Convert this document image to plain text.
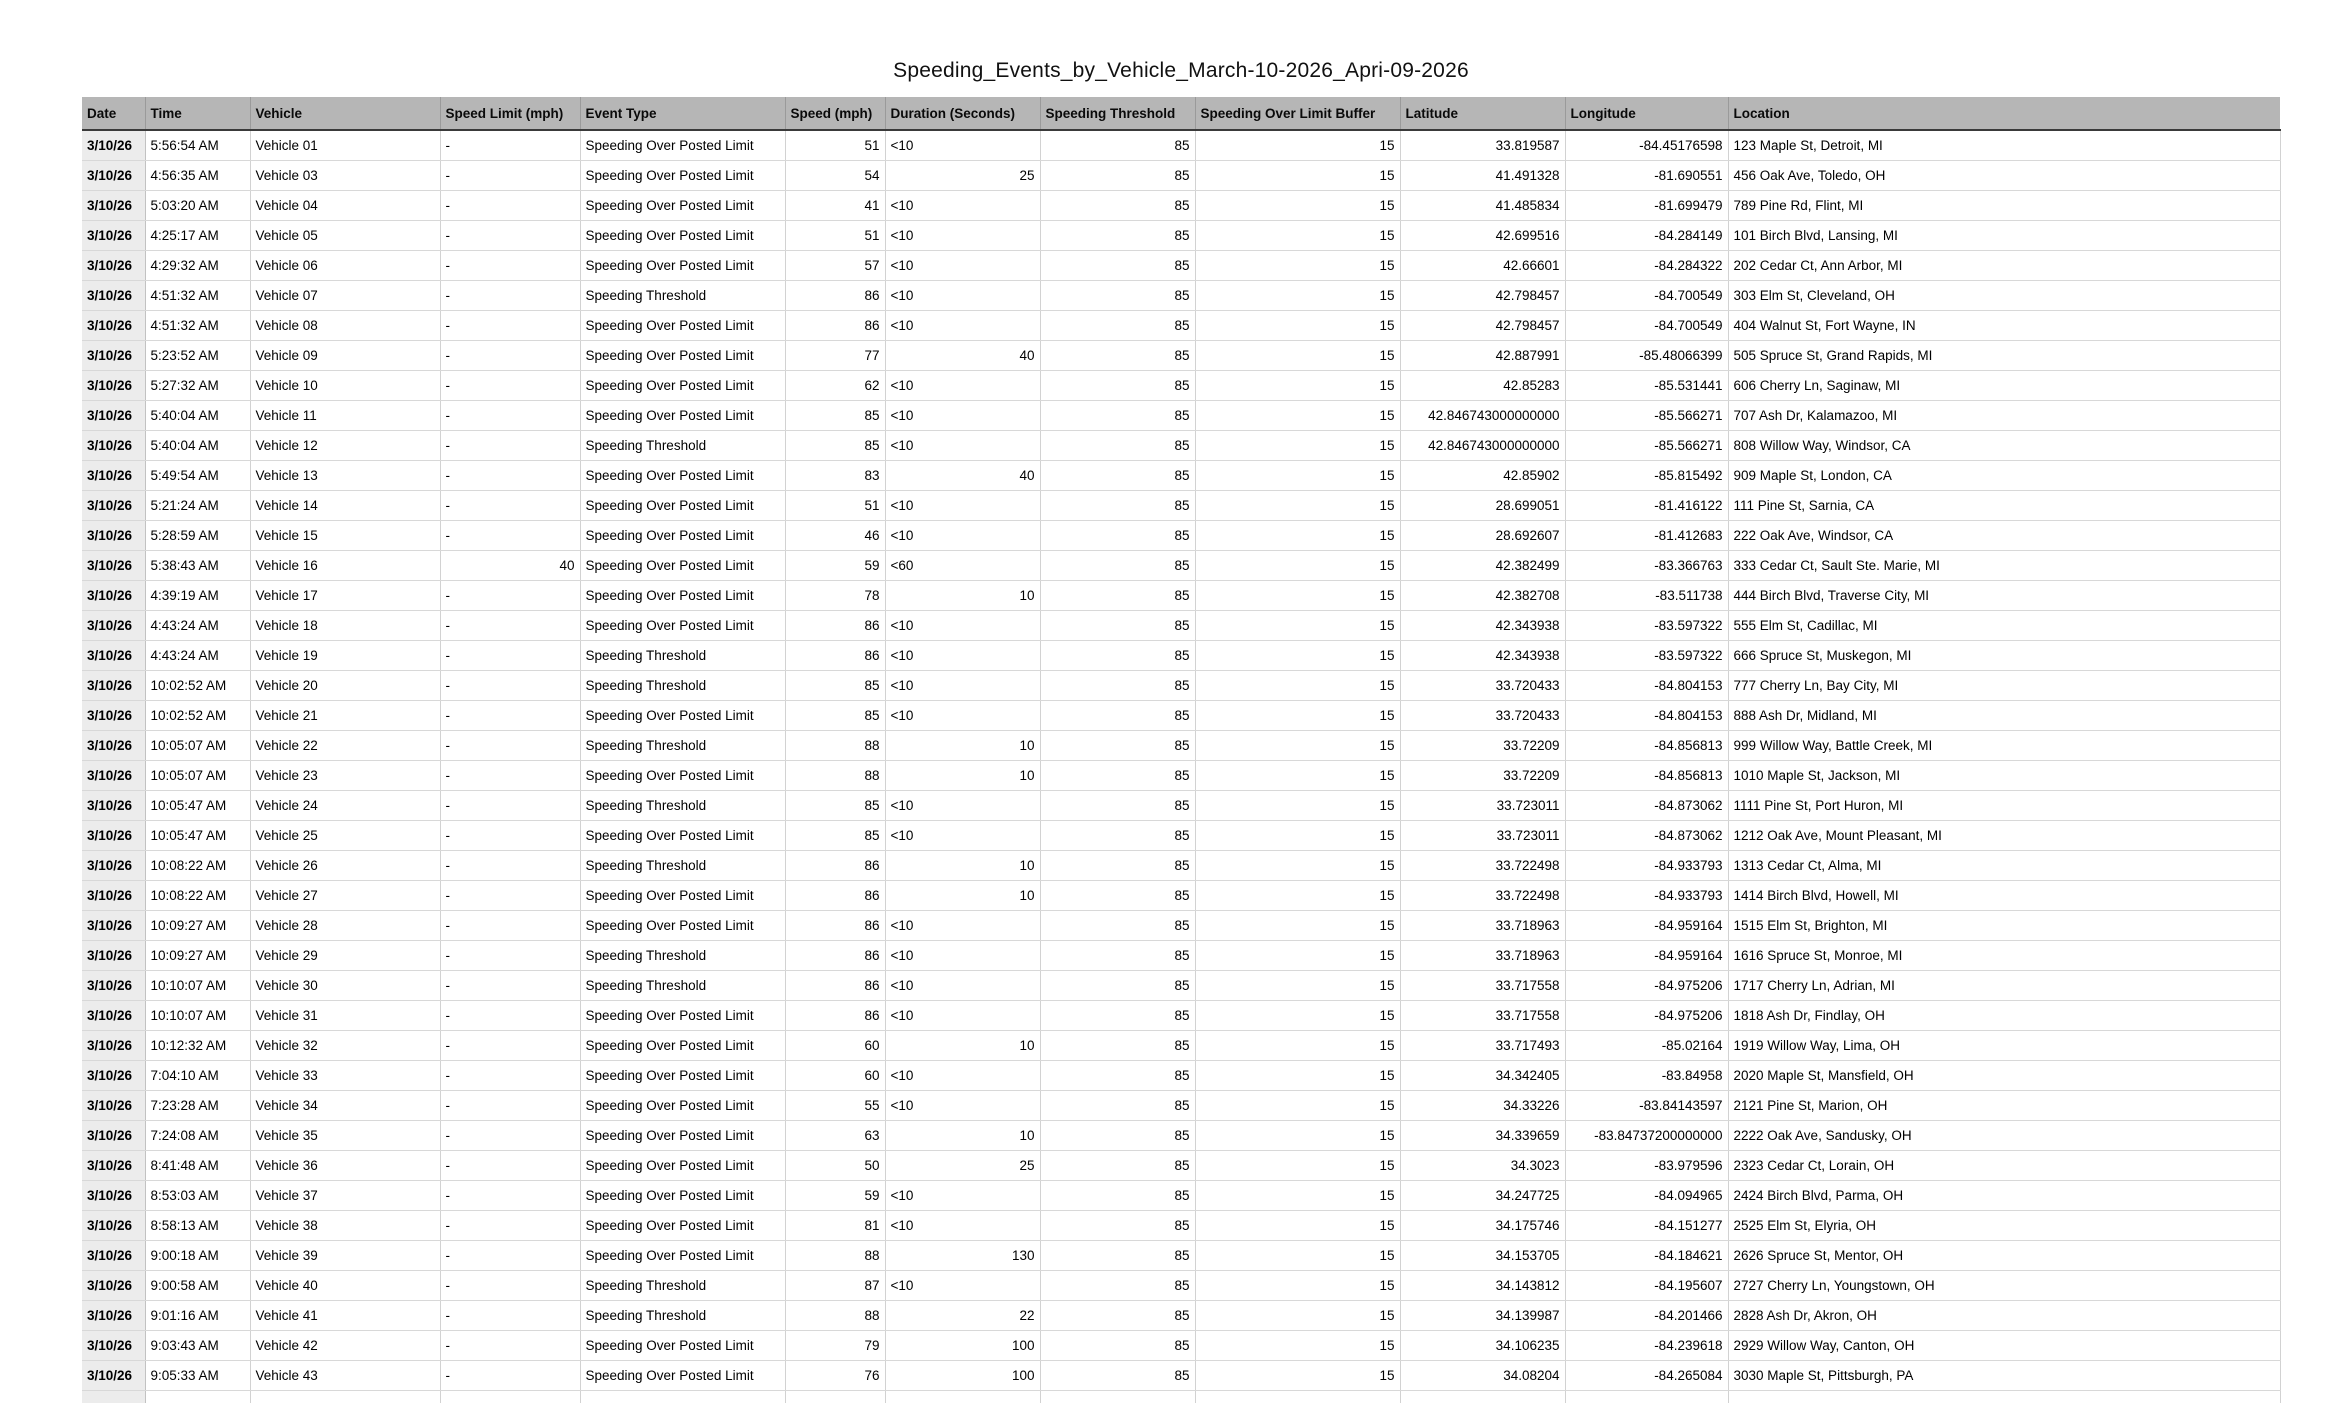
Speeding_Events_by_Vehicle_March-10-2026_Apri-09-2026
Date	Time	Vehicle	Speed Limit (mph)	Event Type	Speed (mph)	Duration (Seconds)	Speeding Threshold	Speeding Over Limit Buffer	Latitude	Longitude	Location
3/10/26	5:56:54 AM	Vehicle 01	-	Speeding Over Posted Limit	51	<10	85	15	33.819587	-84.45176598	123 Maple St, Detroit, MI
3/10/26	4:56:35 AM	Vehicle 03	-	Speeding Over Posted Limit	54	25	85	15	41.491328	-81.690551	456 Oak Ave, Toledo, OH
3/10/26	5:03:20 AM	Vehicle 04	-	Speeding Over Posted Limit	41	<10	85	15	41.485834	-81.699479	789 Pine Rd, Flint, MI
3/10/26	4:25:17 AM	Vehicle 05	-	Speeding Over Posted Limit	51	<10	85	15	42.699516	-84.284149	101 Birch Blvd, Lansing, MI
3/10/26	4:29:32 AM	Vehicle 06	-	Speeding Over Posted Limit	57	<10	85	15	42.66601	-84.284322	202 Cedar Ct, Ann Arbor, MI
3/10/26	4:51:32 AM	Vehicle 07	-	Speeding Threshold	86	<10	85	15	42.798457	-84.700549	303 Elm St, Cleveland, OH
3/10/26	4:51:32 AM	Vehicle 08	-	Speeding Over Posted Limit	86	<10	85	15	42.798457	-84.700549	404 Walnut St, Fort Wayne, IN
3/10/26	5:23:52 AM	Vehicle 09	-	Speeding Over Posted Limit	77	40	85	15	42.887991	-85.48066399	505 Spruce St, Grand Rapids, MI
3/10/26	5:27:32 AM	Vehicle 10	-	Speeding Over Posted Limit	62	<10	85	15	42.85283	-85.531441	606 Cherry Ln, Saginaw, MI
3/10/26	5:40:04 AM	Vehicle 11	-	Speeding Over Posted Limit	85	<10	85	15	42.846743000000000	-85.566271	707 Ash Dr, Kalamazoo, MI
3/10/26	5:40:04 AM	Vehicle 12	-	Speeding Threshold	85	<10	85	15	42.846743000000000	-85.566271	808 Willow Way, Windsor, CA
3/10/26	5:49:54 AM	Vehicle 13	-	Speeding Over Posted Limit	83	40	85	15	42.85902	-85.815492	909 Maple St, London, CA
3/10/26	5:21:24 AM	Vehicle 14	-	Speeding Over Posted Limit	51	<10	85	15	28.699051	-81.416122	111 Pine St, Sarnia, CA
3/10/26	5:28:59 AM	Vehicle 15	-	Speeding Over Posted Limit	46	<10	85	15	28.692607	-81.412683	222 Oak Ave, Windsor, CA
3/10/26	5:38:43 AM	Vehicle 16	40	Speeding Over Posted Limit	59	<60	85	15	42.382499	-83.366763	333 Cedar Ct, Sault Ste. Marie, MI
3/10/26	4:39:19 AM	Vehicle 17	-	Speeding Over Posted Limit	78	10	85	15	42.382708	-83.511738	444 Birch Blvd, Traverse City, MI
3/10/26	4:43:24 AM	Vehicle 18	-	Speeding Over Posted Limit	86	<10	85	15	42.343938	-83.597322	555 Elm St, Cadillac, MI
3/10/26	4:43:24 AM	Vehicle 19	-	Speeding Threshold	86	<10	85	15	42.343938	-83.597322	666 Spruce St, Muskegon, MI
3/10/26	10:02:52 AM	Vehicle 20	-	Speeding Threshold	85	<10	85	15	33.720433	-84.804153	777 Cherry Ln, Bay City, MI
3/10/26	10:02:52 AM	Vehicle 21	-	Speeding Over Posted Limit	85	<10	85	15	33.720433	-84.804153	888 Ash Dr, Midland, MI
3/10/26	10:05:07 AM	Vehicle 22	-	Speeding Threshold	88	10	85	15	33.72209	-84.856813	999 Willow Way, Battle Creek, MI
3/10/26	10:05:07 AM	Vehicle 23	-	Speeding Over Posted Limit	88	10	85	15	33.72209	-84.856813	1010 Maple St, Jackson, MI
3/10/26	10:05:47 AM	Vehicle 24	-	Speeding Threshold	85	<10	85	15	33.723011	-84.873062	1111 Pine St, Port Huron, MI
3/10/26	10:05:47 AM	Vehicle 25	-	Speeding Over Posted Limit	85	<10	85	15	33.723011	-84.873062	1212 Oak Ave, Mount Pleasant, MI
3/10/26	10:08:22 AM	Vehicle 26	-	Speeding Threshold	86	10	85	15	33.722498	-84.933793	1313 Cedar Ct, Alma, MI
3/10/26	10:08:22 AM	Vehicle 27	-	Speeding Over Posted Limit	86	10	85	15	33.722498	-84.933793	1414 Birch Blvd, Howell, MI
3/10/26	10:09:27 AM	Vehicle 28	-	Speeding Over Posted Limit	86	<10	85	15	33.718963	-84.959164	1515 Elm St, Brighton, MI
3/10/26	10:09:27 AM	Vehicle 29	-	Speeding Threshold	86	<10	85	15	33.718963	-84.959164	1616 Spruce St, Monroe, MI
3/10/26	10:10:07 AM	Vehicle 30	-	Speeding Threshold	86	<10	85	15	33.717558	-84.975206	1717 Cherry Ln, Adrian, MI
3/10/26	10:10:07 AM	Vehicle 31	-	Speeding Over Posted Limit	86	<10	85	15	33.717558	-84.975206	1818 Ash Dr, Findlay, OH
3/10/26	10:12:32 AM	Vehicle 32	-	Speeding Over Posted Limit	60	10	85	15	33.717493	-85.02164	1919 Willow Way, Lima, OH
3/10/26	7:04:10 AM	Vehicle 33	-	Speeding Over Posted Limit	60	<10	85	15	34.342405	-83.84958	2020 Maple St, Mansfield, OH
3/10/26	7:23:28 AM	Vehicle 34	-	Speeding Over Posted Limit	55	<10	85	15	34.33226	-83.84143597	2121 Pine St, Marion, OH
3/10/26	7:24:08 AM	Vehicle 35	-	Speeding Over Posted Limit	63	10	85	15	34.339659	-83.84737200000000	2222 Oak Ave, Sandusky, OH
3/10/26	8:41:48 AM	Vehicle 36	-	Speeding Over Posted Limit	50	25	85	15	34.3023	-83.979596	2323 Cedar Ct, Lorain, OH
3/10/26	8:53:03 AM	Vehicle 37	-	Speeding Over Posted Limit	59	<10	85	15	34.247725	-84.094965	2424 Birch Blvd, Parma, OH
3/10/26	8:58:13 AM	Vehicle 38	-	Speeding Over Posted Limit	81	<10	85	15	34.175746	-84.151277	2525 Elm St, Elyria, OH
3/10/26	9:00:18 AM	Vehicle 39	-	Speeding Over Posted Limit	88	130	85	15	34.153705	-84.184621	2626 Spruce St, Mentor, OH
3/10/26	9:00:58 AM	Vehicle 40	-	Speeding Threshold	87	<10	85	15	34.143812	-84.195607	2727 Cherry Ln, Youngstown, OH
3/10/26	9:01:16 AM	Vehicle 41	-	Speeding Threshold	88	22	85	15	34.139987	-84.201466	2828 Ash Dr, Akron, OH
3/10/26	9:03:43 AM	Vehicle 42	-	Speeding Over Posted Limit	79	100	85	15	34.106235	-84.239618	2929 Willow Way, Canton, OH
3/10/26	9:05:33 AM	Vehicle 43	-	Speeding Over Posted Limit	76	100	85	15	34.08204	-84.265084	3030 Maple St, Pittsburgh, PA
